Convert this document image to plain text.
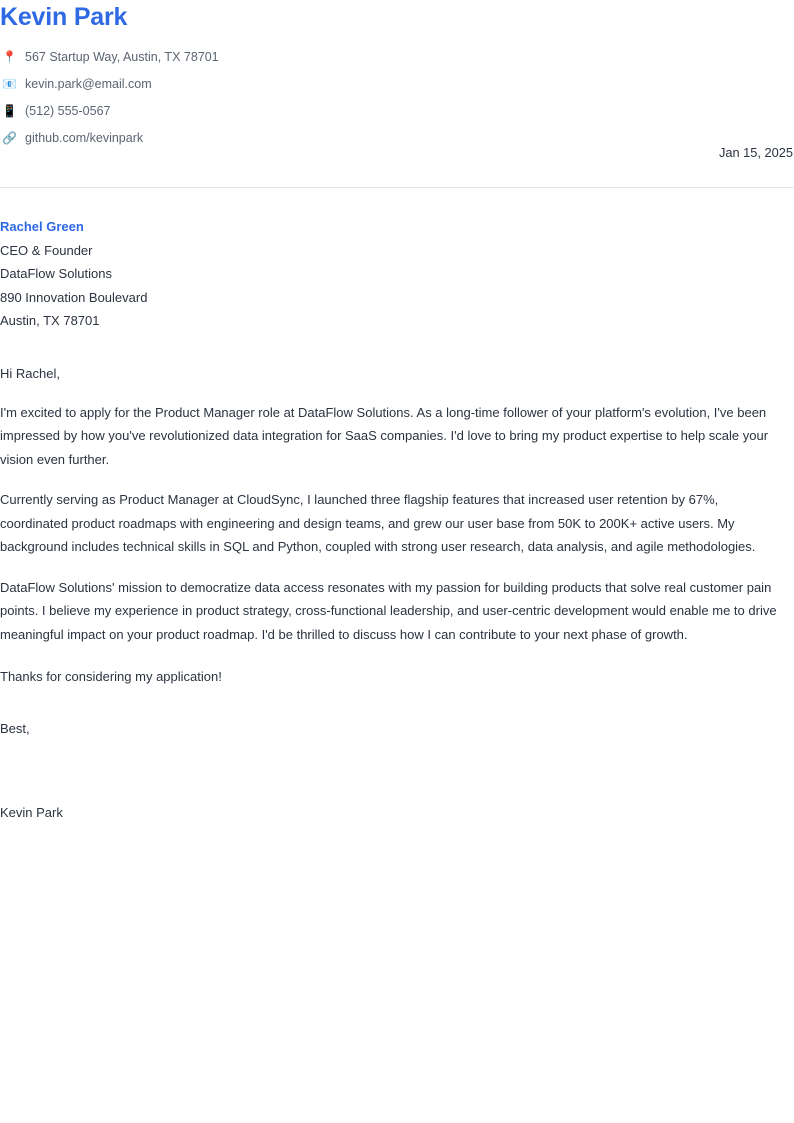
Kevin Park
📍 567 Startup Way, Austin, TX 78701
📧 kevin.park@email.com
📱 (512) 555-0567
🔗 github.com/kevinpark
Jan 15, 2025

Rachel Green

CEO & Founder

DataFlow Solutions

890 Innovation Boulevard

Austin, TX 78701

Hi Rachel,

I'm excited to apply for the Product Manager role at DataFlow Solutions. As a long-time follower of your platform's evolution, I've been impressed by how you've revolutionized data integration for SaaS companies. I'd love to bring my product expertise to help scale your vision even further.

Currently serving as Product Manager at CloudSync, I launched three flagship features that increased user retention by 67%, coordinated product roadmaps with engineering and design teams, and grew our user base from 50K to 200K+ active users. My background includes technical skills in SQL and Python, coupled with strong user research, data analysis, and agile methodologies.

DataFlow Solutions' mission to democratize data access resonates with my passion for building products that solve real customer pain points. I believe my experience in product strategy, cross-functional leadership, and user-centric development would enable me to drive meaningful impact on your product roadmap. I'd be thrilled to discuss how I can contribute to your next phase of growth.

Thanks for considering my application!

Best,

Kevin Park
